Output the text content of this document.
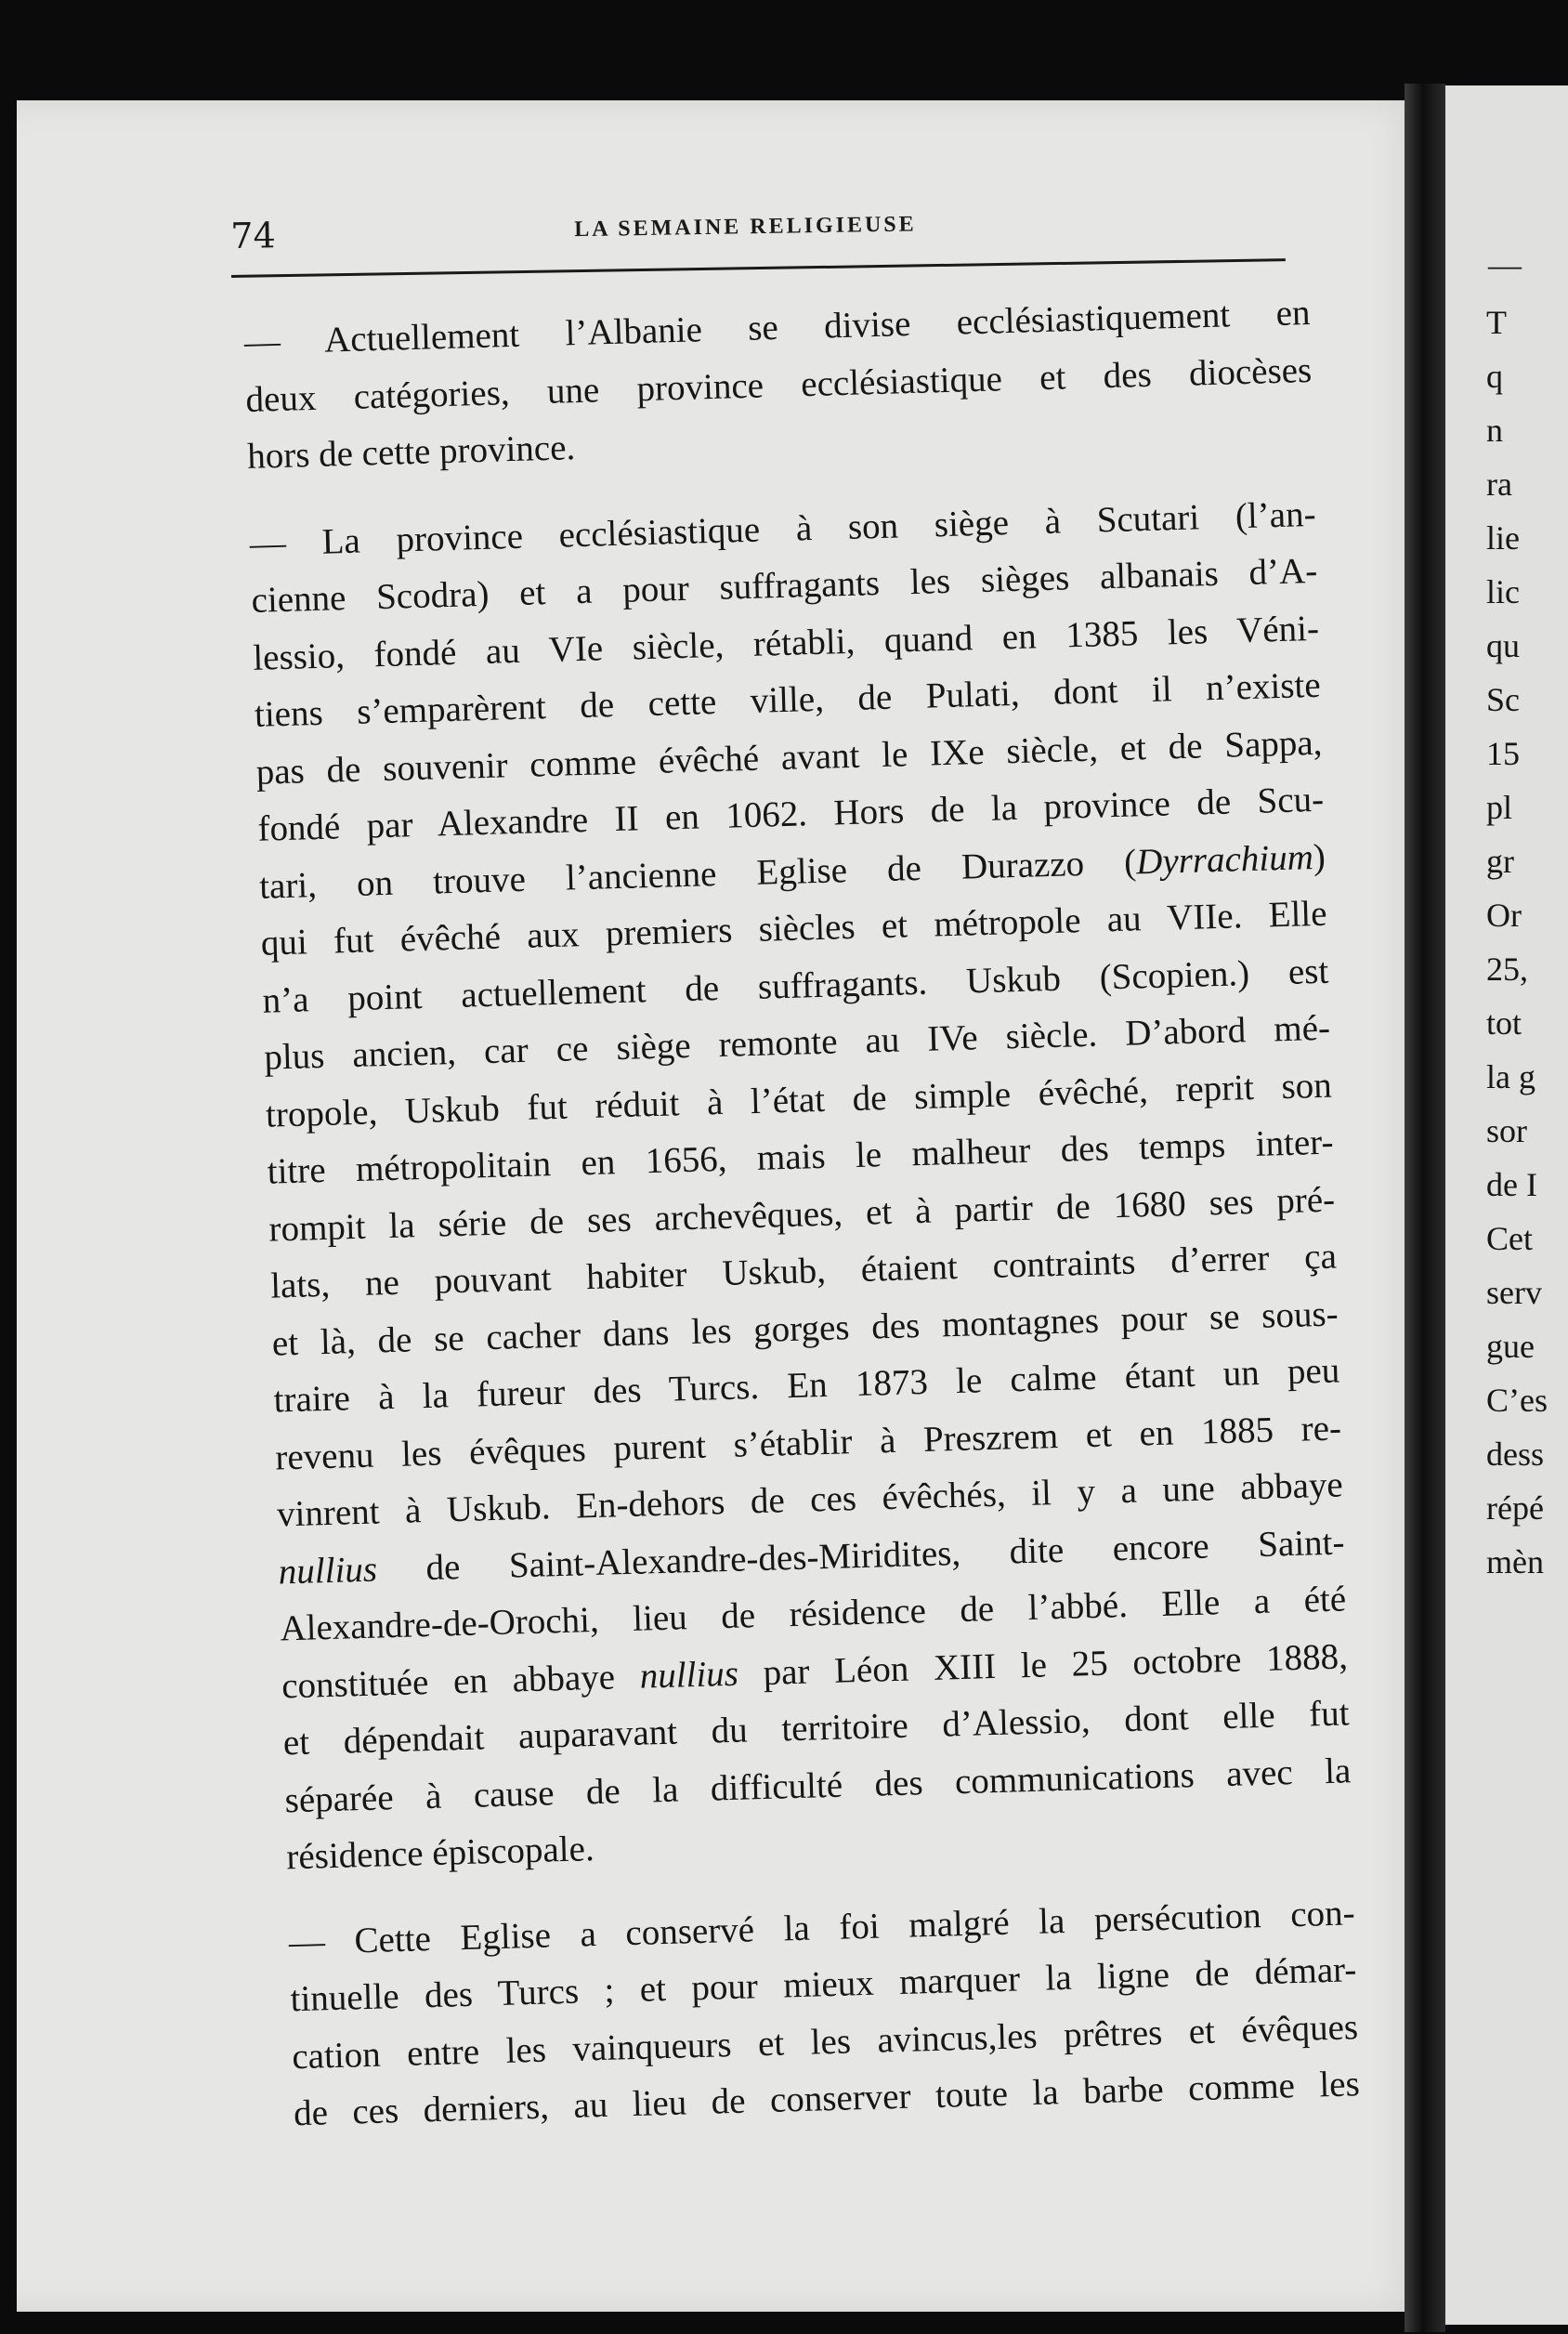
74	LA SEMAINE RELIGIEUSE

— Actuellement l’Albanie se divise ecclésiastiquement en

deux catégories, une province ecclésiastique et des diocèses

hors de cette province.

— La province ecclésiastique à son siège à Scutari (l’an-

cienne Scodra) et a pour suffragants les sièges albanais d’A-

lessio, fondé au VIe siècle, rétabli, quand en 1385 les Véni-

tiens s’emparèrent de cette ville, de Pulati, dont il n’existe

pas de souvenir comme évêché avant le IXe siècle, et de Sappa,

fondé par Alexandre II en 1062. Hors de la province de Scu-

tari, on trouve l’ancienne Eglise de Durazzo (Dyrrachium)

qui fut évêché aux premiers siècles et métropole au VIIe. Elle

n’a point actuellement de suffragants. Uskub (Scopien.) est

plus ancien, car ce siège remonte au IVe siècle. D’abord mé-

tropole, Uskub fut réduit à l’état de simple évêché, reprit son

titre métropolitain en 1656, mais le malheur des temps inter-

rompit la série de ses archevêques, et à partir de 1680 ses pré-

lats, ne pouvant habiter Uskub, étaient contraints d’errer ça

et là, de se cacher dans les gorges des montagnes pour se sous-

traire à la fureur des Turcs. En 1873 le calme étant un peu

revenu les évêques purent s’établir à Preszrem et en 1885 re-

vinrent à Uskub. En-dehors de ces évêchés, il y a une abbaye

nullius de Saint-Alexandre-des-Miridites, dite encore Saint-

Alexandre-de-Orochi, lieu de résidence de l’abbé. Elle a été

constituée en abbaye nullius par Léon XIII le 25 octobre 1888,

et dépendait auparavant du territoire d’Alessio, dont elle fut

séparée à cause de la difficulté des communications avec la

résidence épiscopale.

— Cette Eglise a conservé la foi malgré la persécution con-

tinuelle des Turcs ; et pour mieux marquer la ligne de démar-

cation entre les vainqueurs et les avincus,les prêtres et évêques

de ces derniers, au lieu de conserver toute la barbe comme les

—
T
q
n
ra
lie
lic
qu
Sc
15
pl
gr
Or
25,
tot
la g
sor
de I
Cet
serv
gue
C’es
dess
répé
mèn
